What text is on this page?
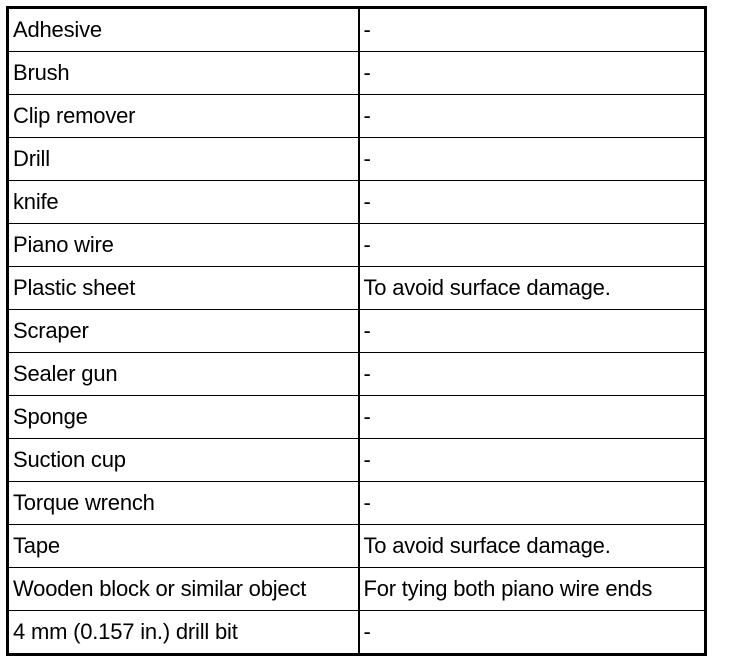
Adhesive	-
Brush	-
Clip remover	-
Drill	-
knife	-
Piano wire	-
Plastic sheet	To avoid surface damage.
Scraper	-
Sealer gun	-
Sponge	-
Suction cup	-
Torque wrench	-
Tape	To avoid surface damage.
Wooden block or similar object	For tying both piano wire ends
4 mm (0.157 in.) drill bit	-
